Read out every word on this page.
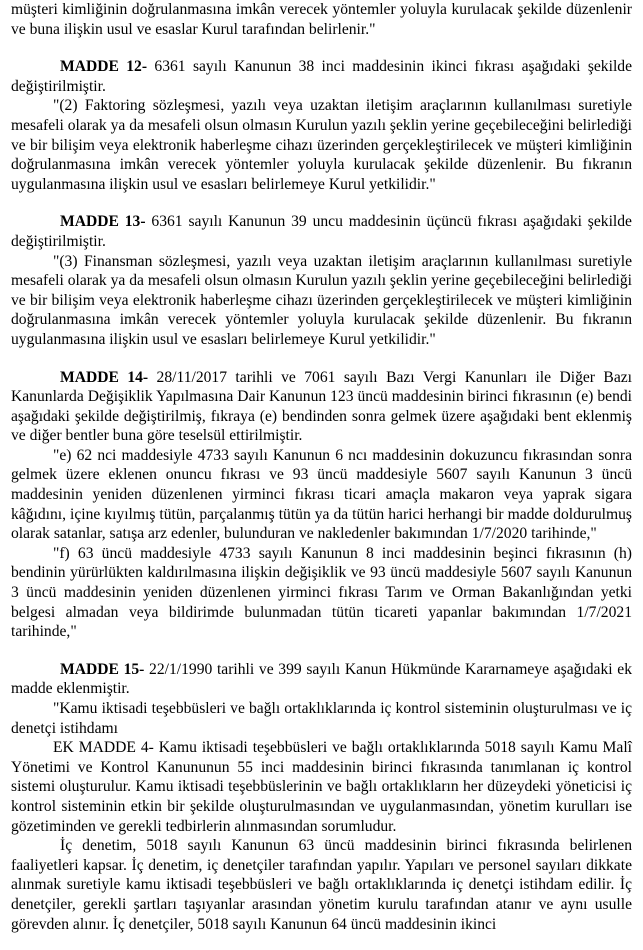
müşteri kimliğinin doğrulanmasına imkân verecek yöntemler yoluyla kurulacak şekilde düzenlenir ve buna ilişkin usul ve esaslar Kurul tarafından belirlenir."

MADDE 12- 6361 sayılı Kanunun 38 inci maddesinin ikinci fıkrası aşağıdaki şekilde değiştirilmiştir.

"(2) Faktoring sözleşmesi, yazılı veya uzaktan iletişim araçlarının kullanılması suretiyle mesafeli olarak ya da mesafeli olsun olmasın Kurulun yazılı şeklin yerine geçebileceğini belirlediği ve bir bilişim veya elektronik haberleşme cihazı üzerinden gerçekleştirilecek ve müşteri kimliğinin doğrulanmasına imkân verecek yöntemler yoluyla kurulacak şekilde düzenlenir. Bu fıkranın uygulanmasına ilişkin usul ve esasları belirlemeye Kurul yetkilidir."

MADDE 13- 6361 sayılı Kanunun 39 uncu maddesinin üçüncü fıkrası aşağıdaki şekilde değiştirilmiştir.

"(3) Finansman sözleşmesi, yazılı veya uzaktan iletişim araçlarının kullanılması suretiyle mesafeli olarak ya da mesafeli olsun olmasın Kurulun yazılı şeklin yerine geçebileceğini belirlediği ve bir bilişim veya elektronik haberleşme cihazı üzerinden gerçekleştirilecek ve müşteri kimliğinin doğrulanmasına imkân verecek yöntemler yoluyla kurulacak şekilde düzenlenir. Bu fıkranın uygulanmasına ilişkin usul ve esasları belirlemeye Kurul yetkilidir."

MADDE 14- 28/11/2017 tarihli ve 7061 sayılı Bazı Vergi Kanunları ile Diğer Bazı Kanunlarda Değişiklik Yapılmasına Dair Kanunun 123 üncü maddesinin birinci fıkrasının (e) bendi aşağıdaki şekilde değiştirilmiş, fıkraya (e) bendinden sonra gelmek üzere aşağıdaki bent eklenmiş ve diğer bentler buna göre teselsül ettirilmiştir.

"e) 62 nci maddesiyle 4733 sayılı Kanunun 6 ncı maddesinin dokuzuncu fıkrasından sonra gelmek üzere eklenen onuncu fıkrası ve 93 üncü maddesiyle 5607 sayılı Kanunun 3 üncü maddesinin yeniden düzenlenen yirminci fıkrası ticari amaçla makaron veya yaprak sigara kâğıdını, içine kıyılmış tütün, parçalanmış tütün ya da tütün harici herhangi bir madde doldurulmuş olarak satanlar, satışa arz edenler, bulunduran ve nakledenler bakımından 1/7/2020 tarihinde,"

"f) 63 üncü maddesiyle 4733 sayılı Kanunun 8 inci maddesinin beşinci fıkrasının (h) bendinin yürürlükten kaldırılmasına ilişkin değişiklik ve 93 üncü maddesiyle 5607 sayılı Kanunun 3 üncü maddesinin yeniden düzenlenen yirminci fıkrası Tarım ve Orman Bakanlığından yetki belgesi almadan veya bildirimde bulunmadan tütün ticareti yapanlar bakımından 1/7/2021 tarihinde,"

MADDE 15- 22/1/1990 tarihli ve 399 sayılı Kanun Hükmünde Kararnameye aşağıdaki ek madde eklenmiştir.

"Kamu iktisadi teşebbüsleri ve bağlı ortaklıklarında iç kontrol sisteminin oluşturulması ve iç denetçi istihdamı

EK MADDE 4- Kamu iktisadi teşebbüsleri ve bağlı ortaklıklarında 5018 sayılı Kamu Malî Yönetimi ve Kontrol Kanununun 55 inci maddesinin birinci fıkrasında tanımlanan iç kontrol sistemi oluşturulur. Kamu iktisadi teşebbüslerinin ve bağlı ortaklıkların her düzeydeki yöneticisi iç kontrol sisteminin etkin bir şekilde oluşturulmasından ve uygulanmasından, yönetim kurulları ise gözetiminden ve gerekli tedbirlerin alınmasından sorumludur.

İç denetim, 5018 sayılı Kanunun 63 üncü maddesinin birinci fıkrasında belirlenen faaliyetleri kapsar. İç denetim, iç denetçiler tarafından yapılır. Yapıları ve personel sayıları dikkate alınmak suretiyle kamu iktisadi teşebbüsleri ve bağlı ortaklıklarında iç denetçi istihdam edilir. İç denetçiler, gerekli şartları taşıyanlar arasından yönetim kurulu tarafından atanır ve aynı usulle görevden alınır. İç denetçiler, 5018 sayılı Kanunun 64 üncü maddesinin ikinci
